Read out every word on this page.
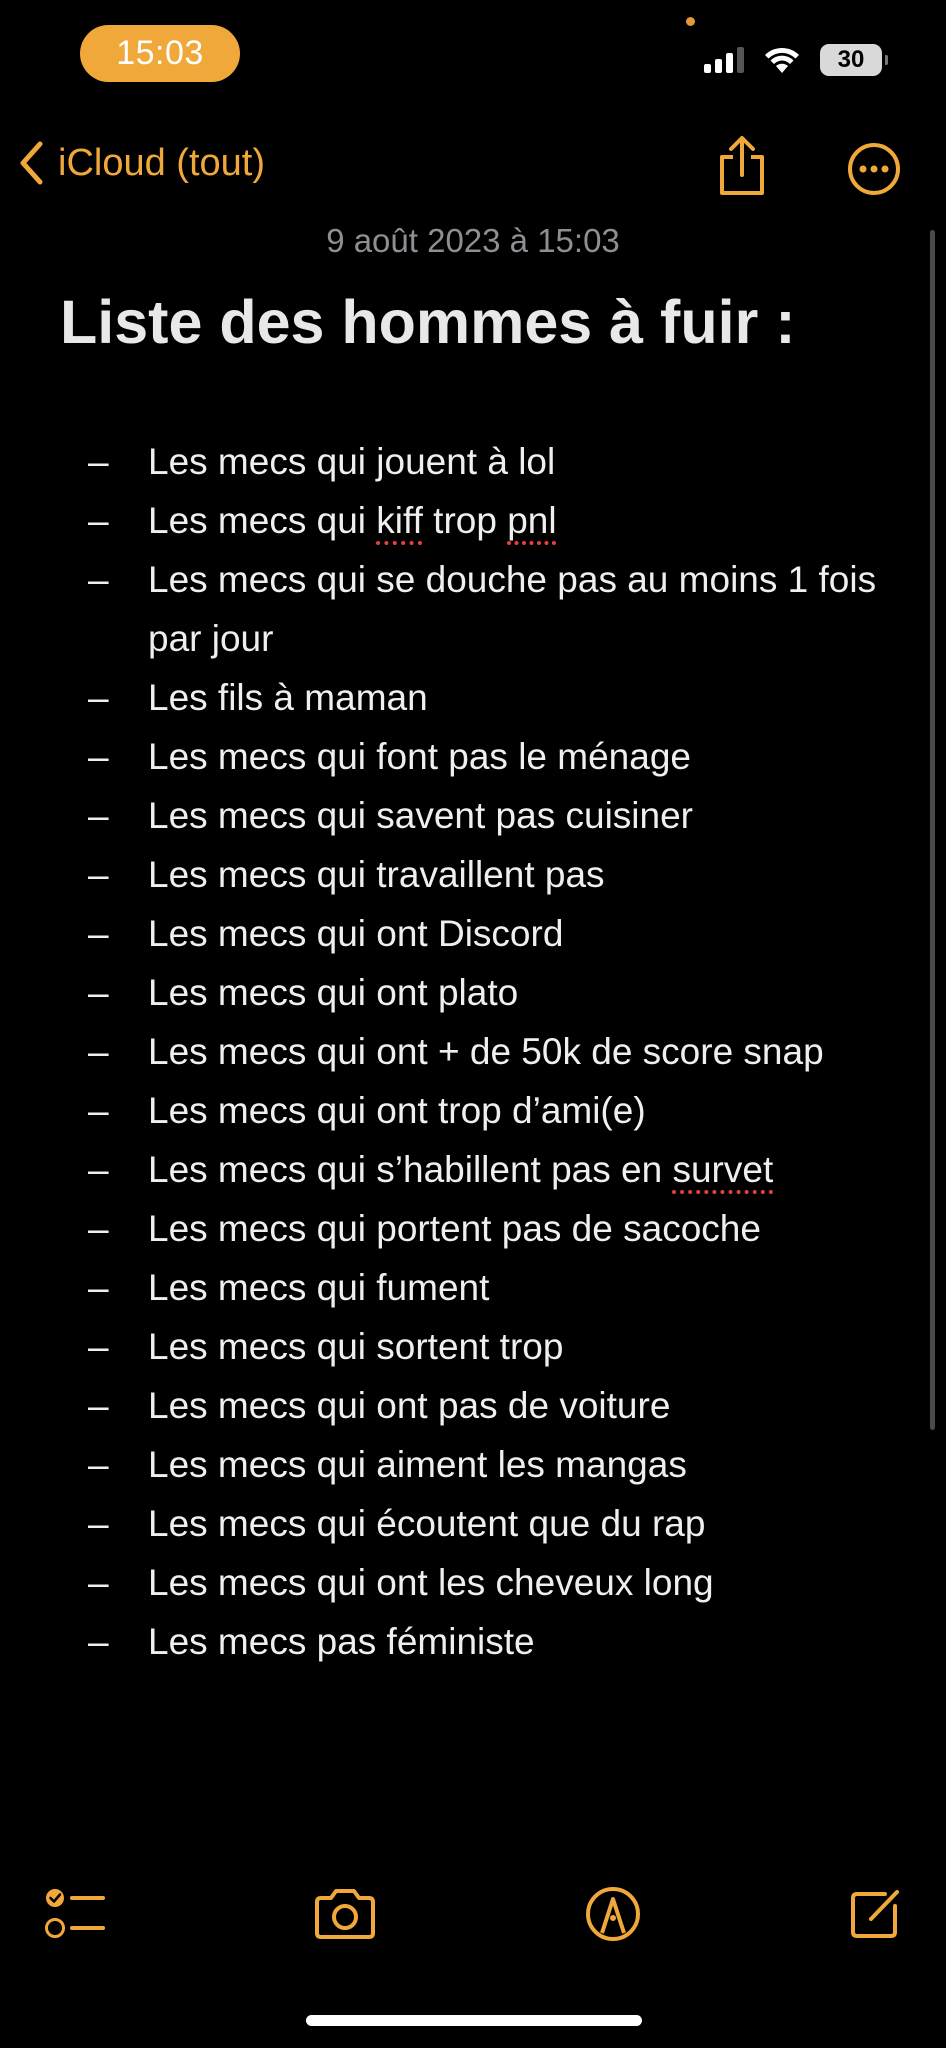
15:03	30
iCloud (tout)
9 août 2023 à 15:03
Liste des hommes à fuir :
– Les mecs qui jouent à lol
– Les mecs qui kiff trop pnl
– Les mecs qui se douche pas au moins 1 fois par jour
– Les fils à maman
– Les mecs qui font pas le ménage
– Les mecs qui savent pas cuisiner
– Les mecs qui travaillent pas
– Les mecs qui ont Discord
– Les mecs qui ont plato
– Les mecs qui ont + de 50k de score snap
– Les mecs qui ont trop d’ami(e)
– Les mecs qui s’habillent pas en survet
– Les mecs qui portent pas de sacoche
– Les mecs qui fument
– Les mecs qui sortent trop
– Les mecs qui ont pas de voiture
– Les mecs qui aiment les mangas
– Les mecs qui écoutent que du rap
– Les mecs qui ont les cheveux long
– Les mecs pas féministe
